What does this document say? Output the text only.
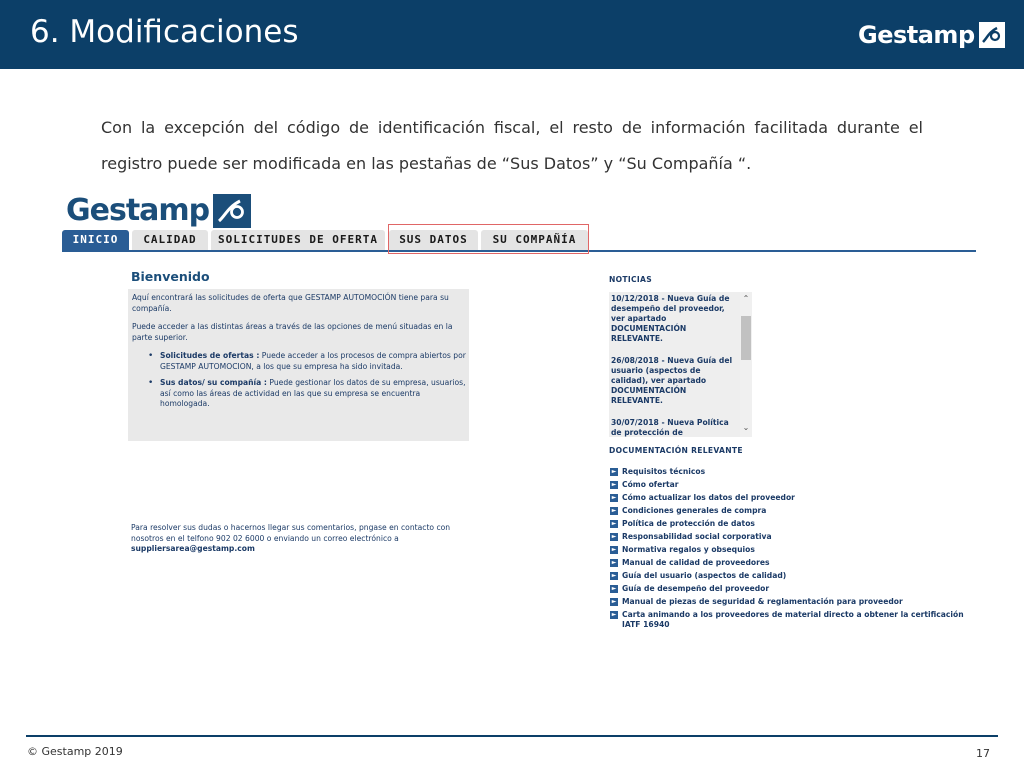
6. Modificaciones	Gestamp
Con la excepción del código de identificación fiscal, el resto de información facilitada durante el registro puede ser modificada en las pestañas de “Sus Datos” y “Su Compañía “.
Gestamp
INICIO	CALIDAD	SOLICITUDES DE OFERTA	SUS DATOS	SU COMPAÑÍA
Bienvenido

Aquí encontrará las solicitudes de oferta que GESTAMP AUTOMOCIÓN tiene para su compañía.

Puede acceder a las distintas áreas a través de las opciones de menú situadas en la parte superior.

• Solicitudes de ofertas : Puede acceder a los procesos de compra abiertos por GESTAMP AUTOMOCION, a los que su empresa ha sido invitada.
• Sus datos/ su compañía : Puede gestionar los datos de su empresa, usuarios, así como las áreas de actividad en las que su empresa se encuentra homologada.
Para resolver sus dudas o hacernos llegar sus comentarios, pngase en contacto con nosotros en el telfono 902 02 6000 o enviando un correo electrónico a
suppliersarea@gestamp.com
NOTICIAS
10/12/2018 - Nueva Guía de desempeño del proveedor, ver apartado DOCUMENTACIÓN RELEVANTE.
26/08/2018 - Nueva Guía del usuario (aspectos de calidad), ver apartado DOCUMENTACIÓN RELEVANTE.
30/07/2018 - Nueva Política de protección de
⌃
⌄
DOCUMENTACIÓN RELEVANTE
► Requisitos técnicos
► Cómo ofertar
► Cómo actualizar los datos del proveedor
► Condiciones generales de compra
► Política de protección de datos
► Responsabilidad social corporativa
► Normativa regalos y obsequios
► Manual de calidad de proveedores
► Guía del usuario (aspectos de calidad)
► Guía de desempeño del proveedor
► Manual de piezas de seguridad & reglamentación para proveedor
► Carta animando a los proveedores de material directo a obtener la certificación IATF 16940
© Gestamp 2019	17
